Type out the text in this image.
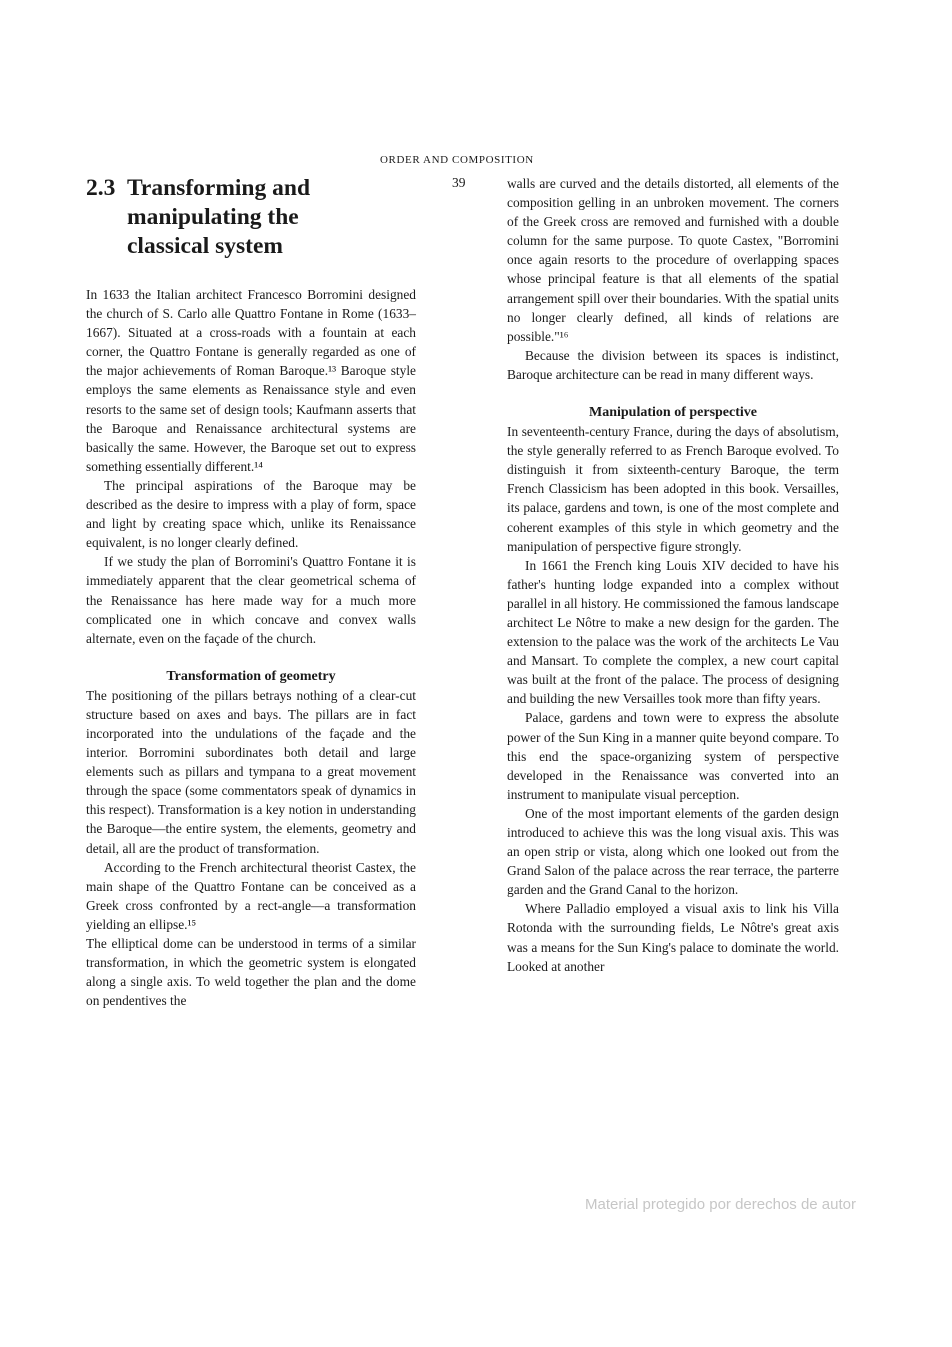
ORDER AND COMPOSITION
39
2.3 Transforming and manipulating the classical system

In 1633 the Italian architect Francesco Borromini designed the church of S. Carlo alle Quattro Fontane in Rome (1633–1667). Situated at a cross-roads with a fountain at each corner, the Quattro Fontane is generally regarded as one of the major achievements of Roman Baroque.¹³ Baroque style employs the same elements as Renaissance style and even resorts to the same set of design tools; Kaufmann asserts that the Baroque and Renaissance architectural systems are basically the same. However, the Baroque set out to express something essentially different.¹⁴

The principal aspirations of the Baroque may be described as the desire to impress with a play of form, space and light by creating space which, unlike its Renaissance equivalent, is no longer clearly defined.

If we study the plan of Borromini's Quattro Fontane it is immediately apparent that the clear geometrical schema of the Renaissance has here made way for a much more complicated one in which concave and convex walls alternate, even on the façade of the church.

Transformation of geometry

The positioning of the pillars betrays nothing of a clear-cut structure based on axes and bays. The pillars are in fact incorporated into the undulations of the façade and the interior. Borromini subordinates both detail and large elements such as pillars and tympana to a great movement through the space (some commentators speak of dynamics in this respect). Transformation is a key notion in understanding the Baroque—the entire system, the elements, geometry and detail, all are the product of transformation.

According to the French architectural theorist Castex, the main shape of the Quattro Fontane can be conceived as a Greek cross confronted by a rect-angle—a transformation yielding an ellipse.¹⁵

The elliptical dome can be understood in terms of a similar transformation, in which the geometric system is elongated along a single axis. To weld together the plan and the dome on pendentives the

walls are curved and the details distorted, all elements of the composition gelling in an unbroken movement. The corners of the Greek cross are removed and furnished with a double column for the same purpose. To quote Castex, "Borromini once again resorts to the procedure of overlapping spaces whose principal feature is that all elements of the spatial arrangement spill over their boundaries. With the spatial units no longer clearly defined, all kinds of relations are possible."¹⁶

Because the division between its spaces is indistinct, Baroque architecture can be read in many different ways.

Manipulation of perspective

In seventeenth-century France, during the days of absolutism, the style generally referred to as French Baroque evolved. To distinguish it from sixteenth-century Baroque, the term French Classicism has been adopted in this book. Versailles, its palace, gardens and town, is one of the most complete and coherent examples of this style in which geometry and the manipulation of perspective figure strongly.

In 1661 the French king Louis XIV decided to have his father's hunting lodge expanded into a complex without parallel in all history. He commissioned the famous landscape architect Le Nôtre to make a new design for the garden. The extension to the palace was the work of the architects Le Vau and Mansart. To complete the complex, a new court capital was built at the front of the palace. The process of designing and building the new Versailles took more than fifty years.

Palace, gardens and town were to express the absolute power of the Sun King in a manner quite beyond compare. To this end the space-organizing system of perspective developed in the Renaissance was converted into an instrument to manipulate visual perception.

One of the most important elements of the garden design introduced to achieve this was the long visual axis. This was an open strip or vista, along which one looked out from the Grand Salon of the palace across the rear terrace, the parterre garden and the Grand Canal to the horizon.

Where Palladio employed a visual axis to link his Villa Rotonda with the surrounding fields, Le Nôtre's great axis was a means for the Sun King's palace to dominate the world. Looked at another

Material protegido por derechos de autor
